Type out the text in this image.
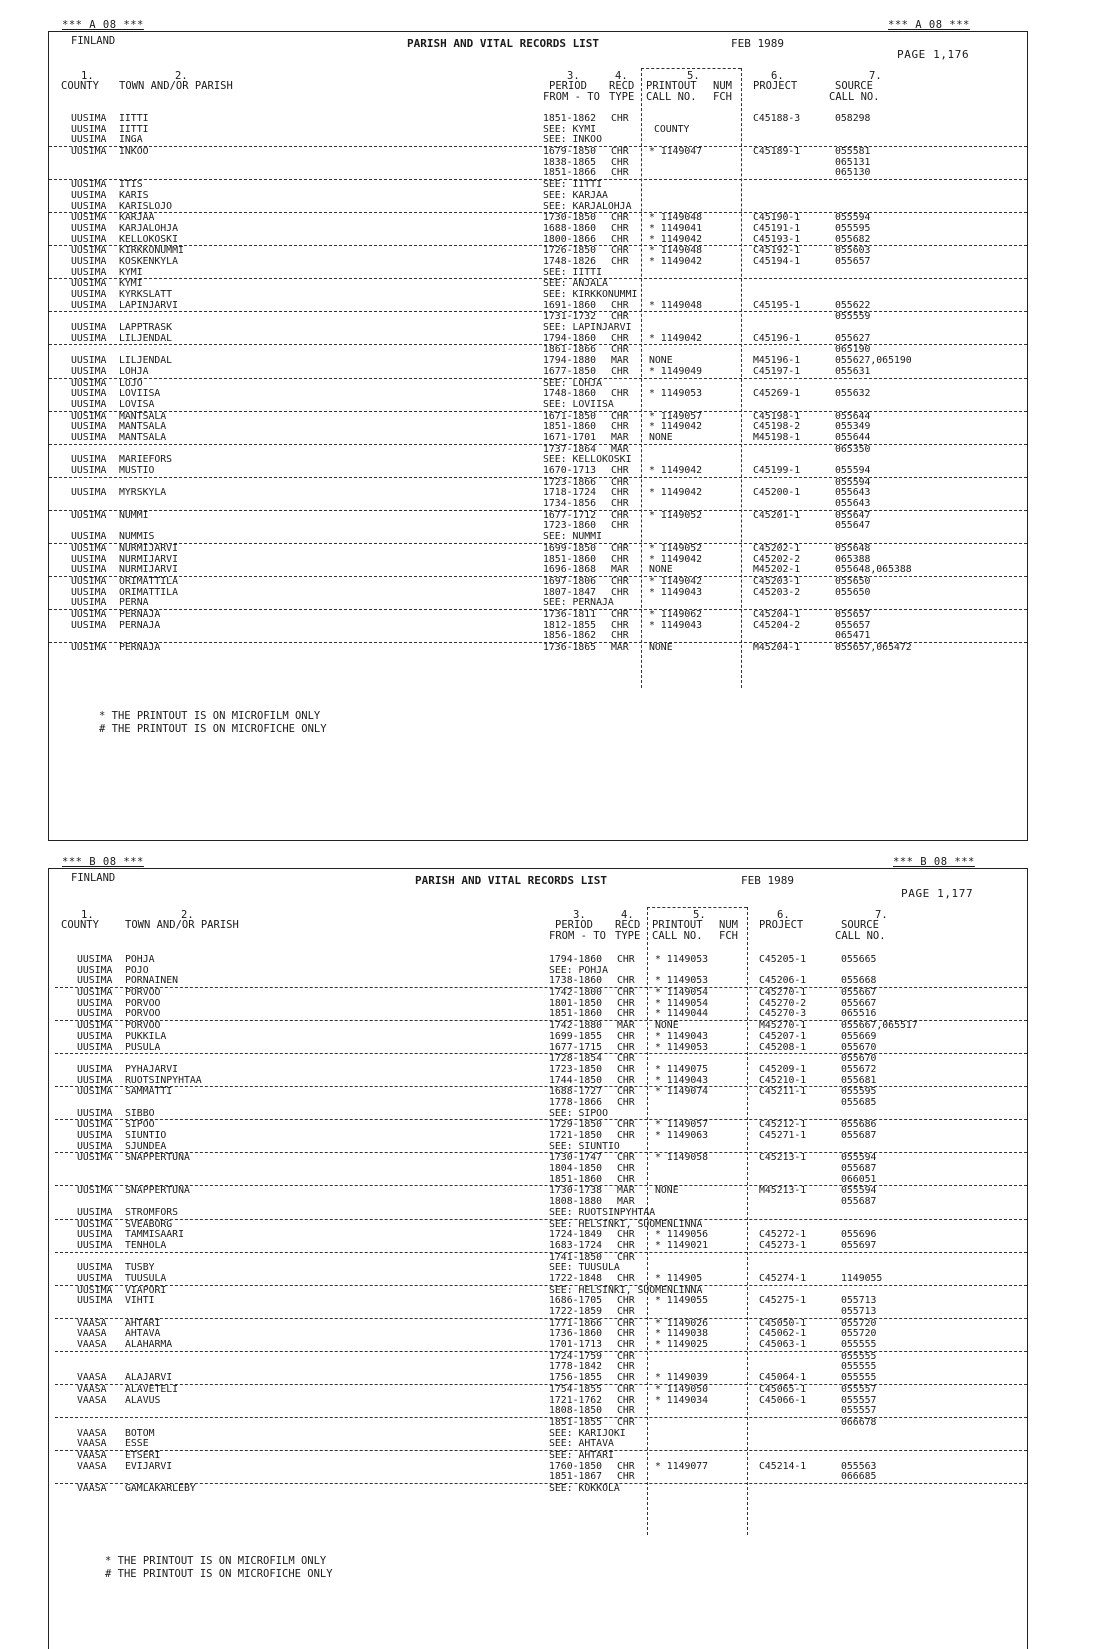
*** A 08 ***	*** A 08 ***
FINLAND	PARISH AND VITAL RECORDS LIST	FEB 1989
PAGE 1,176
1.	2.	3.	4.	5.	6.	7.
COUNTY TOWN AND/OR PARISH	PERIOD RECD PRINTOUT NUM PROJECT	SOURCE
FROM - TO TYPE CALL NO. FCH	CALL NO.
UUSIMA IITTI	1851-1862 CHR	C45188-3	058298
UUSIMA IITTI	SEE: KYMI	COUNTY
UUSIMA INGA	SEE: INKOO
UUSIMA INKOO	1679-1850 CHR * 1149047	C45189-1	055581
1838-1865 CHR	065131
1851-1866 CHR	065130
UUSIMA ITIS	SEE: IITTI
UUSIMA KARIS	SEE: KARJAA
UUSIMA KARISLOJO	SEE: KARJALOHJA
UUSIMA KARJAA	1730-1850 CHR * 1149048	C45190-1	055594
UUSIMA KARJALOHJA	1688-1860 CHR * 1149041	C45191-1	055595
UUSIMA KELLOKOSKI	1800-1866 CHR * 1149042	C45193-1	055682
UUSIMA KIRKKONUMMI	1726-1850 CHR * 1149048	C45192-1	055603
UUSIMA KOSKENKYLA	1748-1826 CHR * 1149042	C45194-1	055657
UUSIMA KYMI	SEE: IITTI
UUSIMA KYMI	SEE: ANJALA
UUSIMA KYRKSLATT	SEE: KIRKKONUMMI
UUSIMA LAPINJARVI	1691-1860 CHR * 1149048	C45195-1	055622
1731-1732 CHR	055559
UUSIMA LAPPTRASK	SEE: LAPINJARVI
UUSIMA LILJENDAL	1794-1860 CHR * 1149042	C45196-1	055627
1861-1866 CHR	065190
UUSIMA LILJENDAL	1794-1880 MAR NONE	M45196-1	055627,065190
UUSIMA LOHJA	1677-1850 CHR * 1149049	C45197-1	055631
UUSIMA LOJO	SEE: LOHJA
UUSIMA LOVIISA	1748-1860 CHR * 1149053	C45269-1	055632
UUSIMA LOVISA	SEE: LOVIISA
UUSIMA MANTSALA	1671-1850 CHR * 1149057	C45198-1	055644
UUSIMA MANTSALA	1851-1860 CHR * 1149042	C45198-2	055349
UUSIMA MANTSALA	1671-1701 MAR NONE	M45198-1	055644
1737-1864 MAR	065350
UUSIMA MARIEFORS	SEE: KELLOKOSKI
UUSIMA MUSTIO	1670-1713 CHR * 1149042	C45199-1	055594
1723-1866 CHR	055594
UUSIMA MYRSKYLA	1718-1724 CHR * 1149042	C45200-1	055643
1734-1856 CHR	055643
UUSIMA NUMMI	1677-1712 CHR * 1149052	C45201-1	055647
1723-1860 CHR	055647
UUSIMA NUMMIS	SEE: NUMMI
UUSIMA NURMIJARVI	1699-1850 CHR * 1149052	C45202-1	055648
UUSIMA NURMIJARVI	1851-1860 CHR * 1149042	C45202-2	065388
UUSIMA NURMIJARVI	1696-1868 MAR NONE	M45202-1	055648,065388
UUSIMA ORIMATTILA	1697-1806 CHR * 1149042	C45203-1	055650
UUSIMA ORIMATTILA	1807-1847 CHR * 1149043	C45203-2	055650
UUSIMA PERNA	SEE: PERNAJA
UUSIMA PERNAJA	1736-1811 CHR * 1149062	C45204-1	055657
UUSIMA PERNAJA	1812-1855 CHR * 1149043	C45204-2	055657
1856-1862 CHR	065471
UUSIMA PERNAJA	1736-1865 MAR NONE	M45204-1	055657,065472
* THE PRINTOUT IS ON MICROFILM ONLY
# THE PRINTOUT IS ON MICROFICHE ONLY
*** B 08 ***	*** B 08 ***
FINLAND	PARISH AND VITAL RECORDS LIST	FEB 1989
PAGE 1,177
1.	2.	3.	4.	5.	6.	7.
COUNTY TOWN AND/OR PARISH	PERIOD RECD PRINTOUT NUM PROJECT	SOURCE
FROM - TO TYPE CALL NO. FCH	CALL NO.
UUSIMA POHJA	1794-1860 CHR * 1149053	C45205-1	055665
UUSIMA POJO	SEE: POHJA
UUSIMA PORNAINEN	1738-1860 CHR * 1149053	C45206-1	055668
UUSIMA PORVOO	1742-1800 CHR * 1149054	C45270-1	055667
UUSIMA PORVOO	1801-1850 CHR * 1149054	C45270-2	055667
UUSIMA PORVOO	1851-1860 CHR * 1149044	C45270-3	065516
UUSIMA PORVOO	1742-1880 MAR NONE	M45270-1	055667,065517
UUSIMA PUKKILA	1699-1855 CHR * 1149043	C45207-1	055669
UUSIMA PUSULA	1677-1715 CHR * 1149053	C45208-1	055670
1728-1854 CHR	055670
UUSIMA PYHAJARVI	1723-1850 CHR * 1149075	C45209-1	055672
UUSIMA RUOTSINPYHTAA	1744-1850 CHR * 1149043	C45210-1	055681
UUSIMA SAMMATTI	1688-1727 CHR * 1149074	C45211-1	055595
1778-1866 CHR	055685
UUSIMA SIBBO	SEE: SIPOO
UUSIMA SIPOO	1729-1850 CHR * 1149057	C45212-1	055686
UUSIMA SIUNTIO	1721-1850 CHR * 1149063	C45271-1	055687
UUSIMA SJUNDEA	SEE: SIUNTIO
UUSIMA SNAPPERTUNA	1730-1747 CHR * 1149058	C45213-1	055594
1804-1850 CHR	055687
1851-1860 CHR	066051
UUSIMA SNAPPERTUNA	1730-1738 MAR NONE	M45213-1	055594
1808-1880 MAR	055687
UUSIMA STROMFORS	SEE: RUOTSINPYHTAA
UUSIMA SVEABORG	SEE: HELSINKI, SUOMENLINNA
UUSIMA TAMMISAARI	1724-1849 CHR * 1149056	C45272-1	055696
UUSIMA TENHOLA	1683-1724 CHR * 1149021	C45273-1	055697
1741-1850 CHR
UUSIMA TUSBY	SEE: TUUSULA
UUSIMA TUUSULA	1722-1848 CHR * 114905	C45274-1	1149055
UUSIMA VIAPORI	SEE: HELSINKI, SUOMENLINNA
UUSIMA VIHTI	1686-1705 CHR * 1149055	C45275-1	055713
1722-1859 CHR	055713
VAASA AHTARI	1771-1866 CHR * 1149026	C45050-1	055720
VAASA AHTAVA	1736-1860 CHR * 1149038	C45062-1	055720
VAASA ALAHARMA	1701-1713 CHR * 1149025	C45063-1	055555
1724-1759 CHR	055555
1778-1842 CHR	055555
VAASA ALAJARVI	1756-1855 CHR * 1149039	C45064-1	055555
VAASA ALAVETELI	1754-1855 CHR * 1149050	C45065-1	055557
VAASA ALAVUS	1721-1762 CHR * 1149034	C45066-1	055557
1808-1850 CHR	055557
1851-1855 CHR	066678
VAASA BOTOM	SEE: KARIJOKI
VAASA ESSE	SEE: AHTAVA
VAASA ETSERI	SEE: AHTARI
VAASA EVIJARVI	1760-1850 CHR * 1149077	C45214-1	055563
1851-1867 CHR	066685
VAASA GAMLAKARLEBY	SEE: KOKKOLA
* THE PRINTOUT IS ON MICROFILM ONLY
# THE PRINTOUT IS ON MICROFICHE ONLY
